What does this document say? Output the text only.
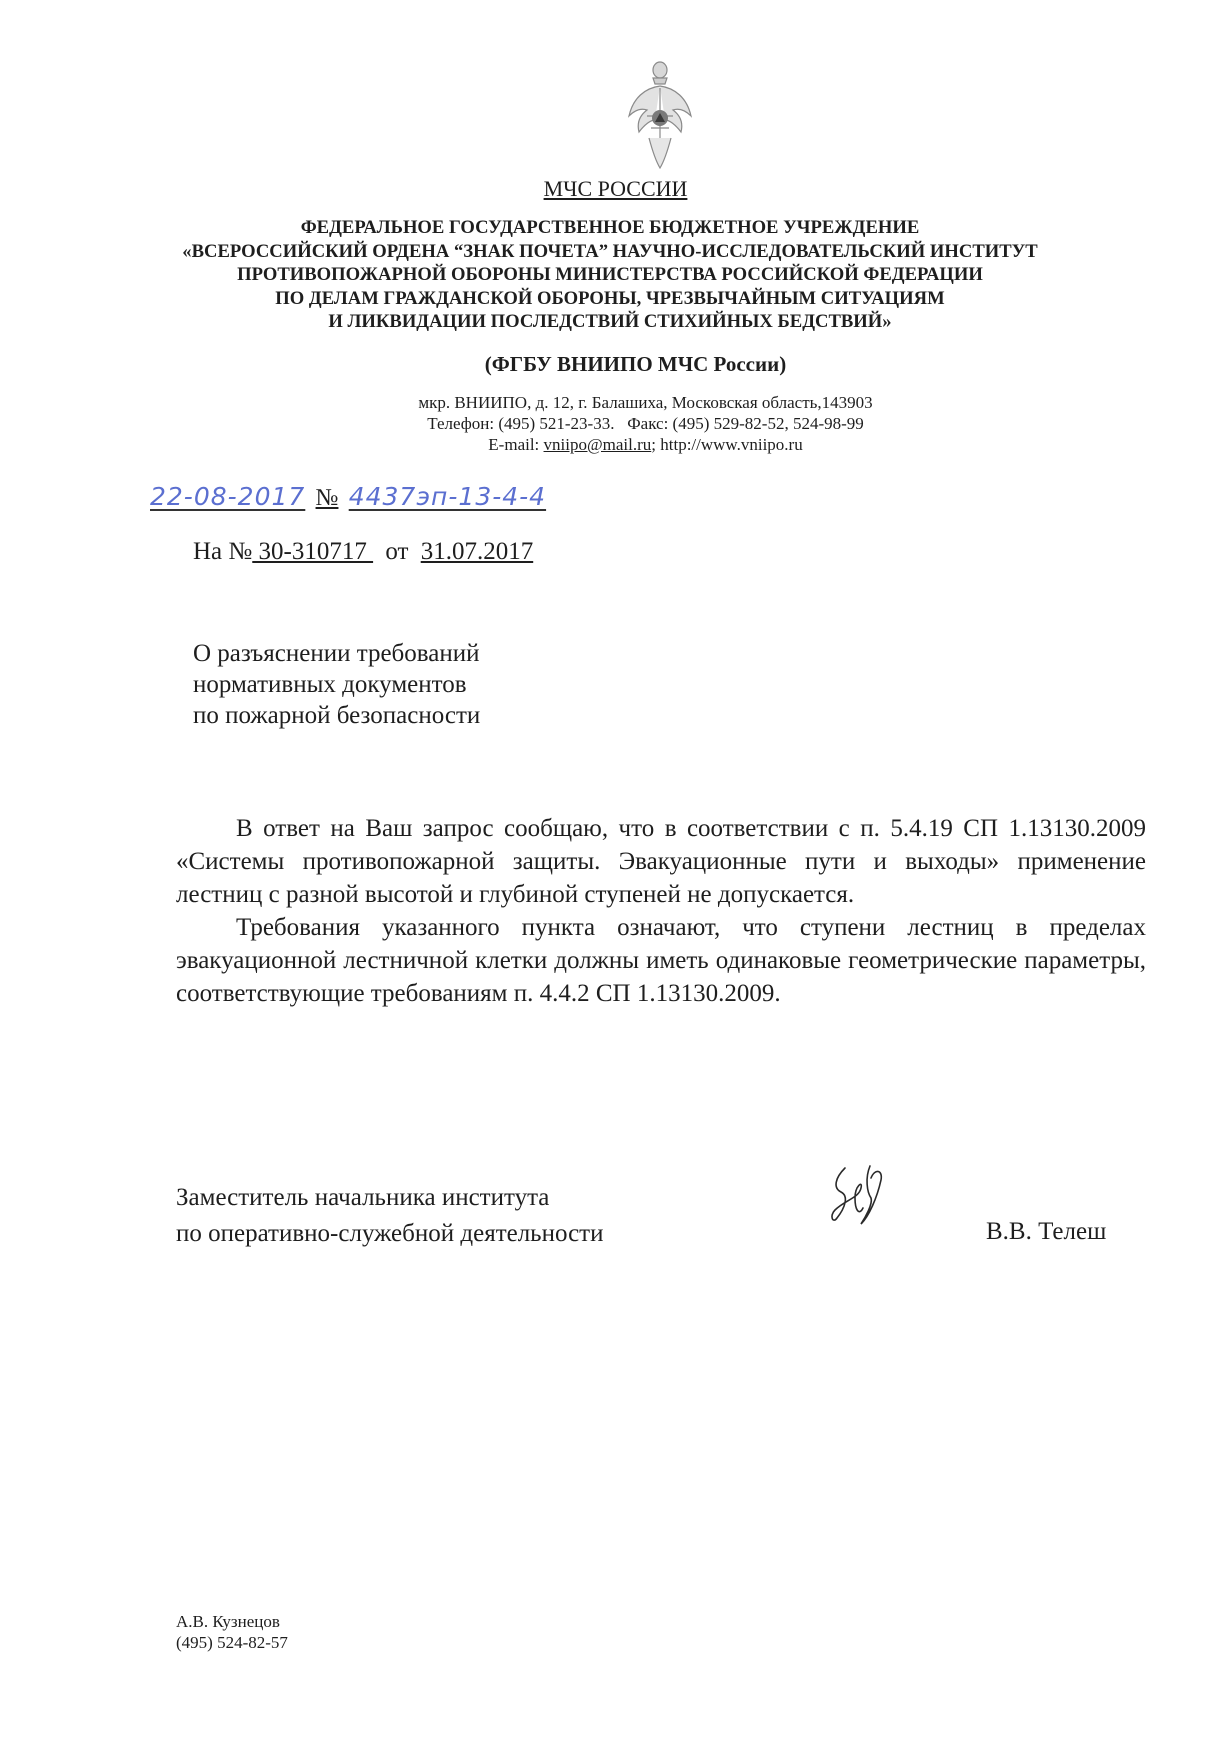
МЧС РОССИИ
ФЕДЕРАЛЬНОЕ ГОСУДАРСТВЕННОЕ БЮДЖЕТНОЕ УЧРЕЖДЕНИЕ
«ВСЕРОССИЙСКИЙ ОРДЕНА “ЗНАК ПОЧЕТА” НАУЧНО-ИССЛЕДОВАТЕЛЬСКИЙ ИНСТИТУТ
ПРОТИВОПОЖАРНОЙ ОБОРОНЫ МИНИСТЕРСТВА РОССИЙСКОЙ ФЕДЕРАЦИИ
ПО ДЕЛАМ ГРАЖДАНСКОЙ ОБОРОНЫ, ЧРЕЗВЫЧАЙНЫМ СИТУАЦИЯМ
И ЛИКВИДАЦИИ ПОСЛЕДСТВИЙ СТИХИЙНЫХ БЕДСТВИЙ»
(ФГБУ ВНИИПО МЧС России)
мкр. ВНИИПО, д. 12, г. Балашиха, Московская область,143903
Телефон: (495) 521-23-33.   Факс: (495) 529-82-52, 524-98-99
E-mail: vniipo@mail.ru; http://www.vniipo.ru
22-08-2017 № 4437эп-13-4-4
На № 30-310717  от 31.07.2017
О разъяснении требований
нормативных документов
по пожарной безопасности

В ответ на Ваш запрос сообщаю, что в соответствии с п. 5.4.19 СП 1.13130.2009 «Системы противопожарной защиты. Эвакуационные пути и выходы» применение лестниц с разной высотой и глубиной ступеней не допускается.

Требования указанного пункта означают, что ступени лестниц в пределах эвакуационной лестничной клетки должны иметь одинаковые геометрические параметры, соответствующие требованиям п. 4.4.2 СП 1.13130.2009.

Заместитель начальника института
по оперативно-служебной деятельности	В.В. Телеш
А.В. Кузнецов
(495) 524-82-57
